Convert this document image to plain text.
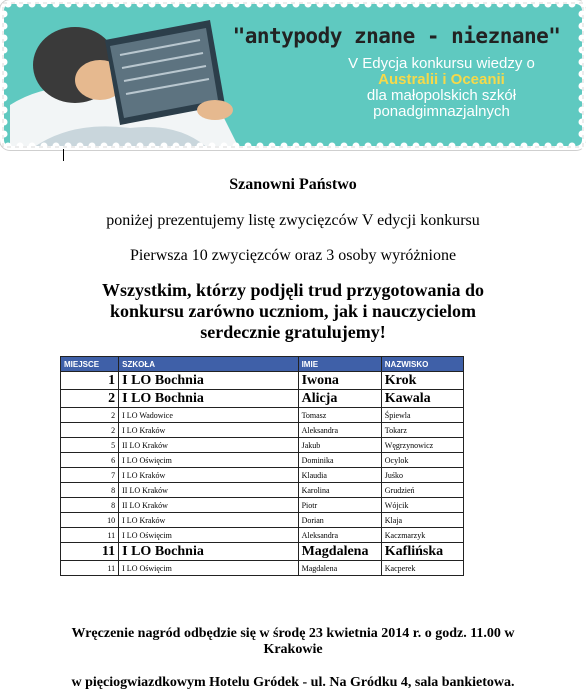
"antypody znane - nieznane"
V Edycja konkursu wiedzy o
Australii i Oceanii
dla małopolskich szkół
ponadgimnazjalnych
Szanowni Państwo
poniżej prezentujemy listę zwycięzców V edycji konkursu
Pierwsza 10 zwycięzców oraz 3 osoby wyróżnione
Wszystkim, którzy podjęli trud przygotowania do konkursu zarówno uczniom, jak i nauczycielom serdecznie gratulujemy!
MIEJSCE	SZKOŁA	IMIE	NAZWISKO
1	I LO Bochnia	Iwona	Krok
2	I LO Bochnia	Alicja	Kawala
2	I LO Wadowice	Tomasz	Śpiewla
2	I LO Kraków	Aleksandra	Tokarz
5	II LO Kraków	Jakub	Węgrzynowicz
6	I LO Oświęcim	Dominika	Ocylok
7	I LO Kraków	Klaudia	Juśko
8	II LO Kraków	Karolina	Grudzień
8	II LO Kraków	Piotr	Wójcik
10	I LO Kraków	Dorian	Klaja
11	I LO Oświęcim	Aleksandra	Kaczmarzyk
11	I LO Bochnia	Magdalena	Kaflińska
11	I LO Oświęcim	Magdalena	Kacperek
Wręczenie nagród odbędzie się w środę 23 kwietnia 2014 r. o godz. 11.00 w Krakowie
w pięciogwiazdkowym Hotelu Gródek - ul. Na Gródku 4, sala bankietowa.
